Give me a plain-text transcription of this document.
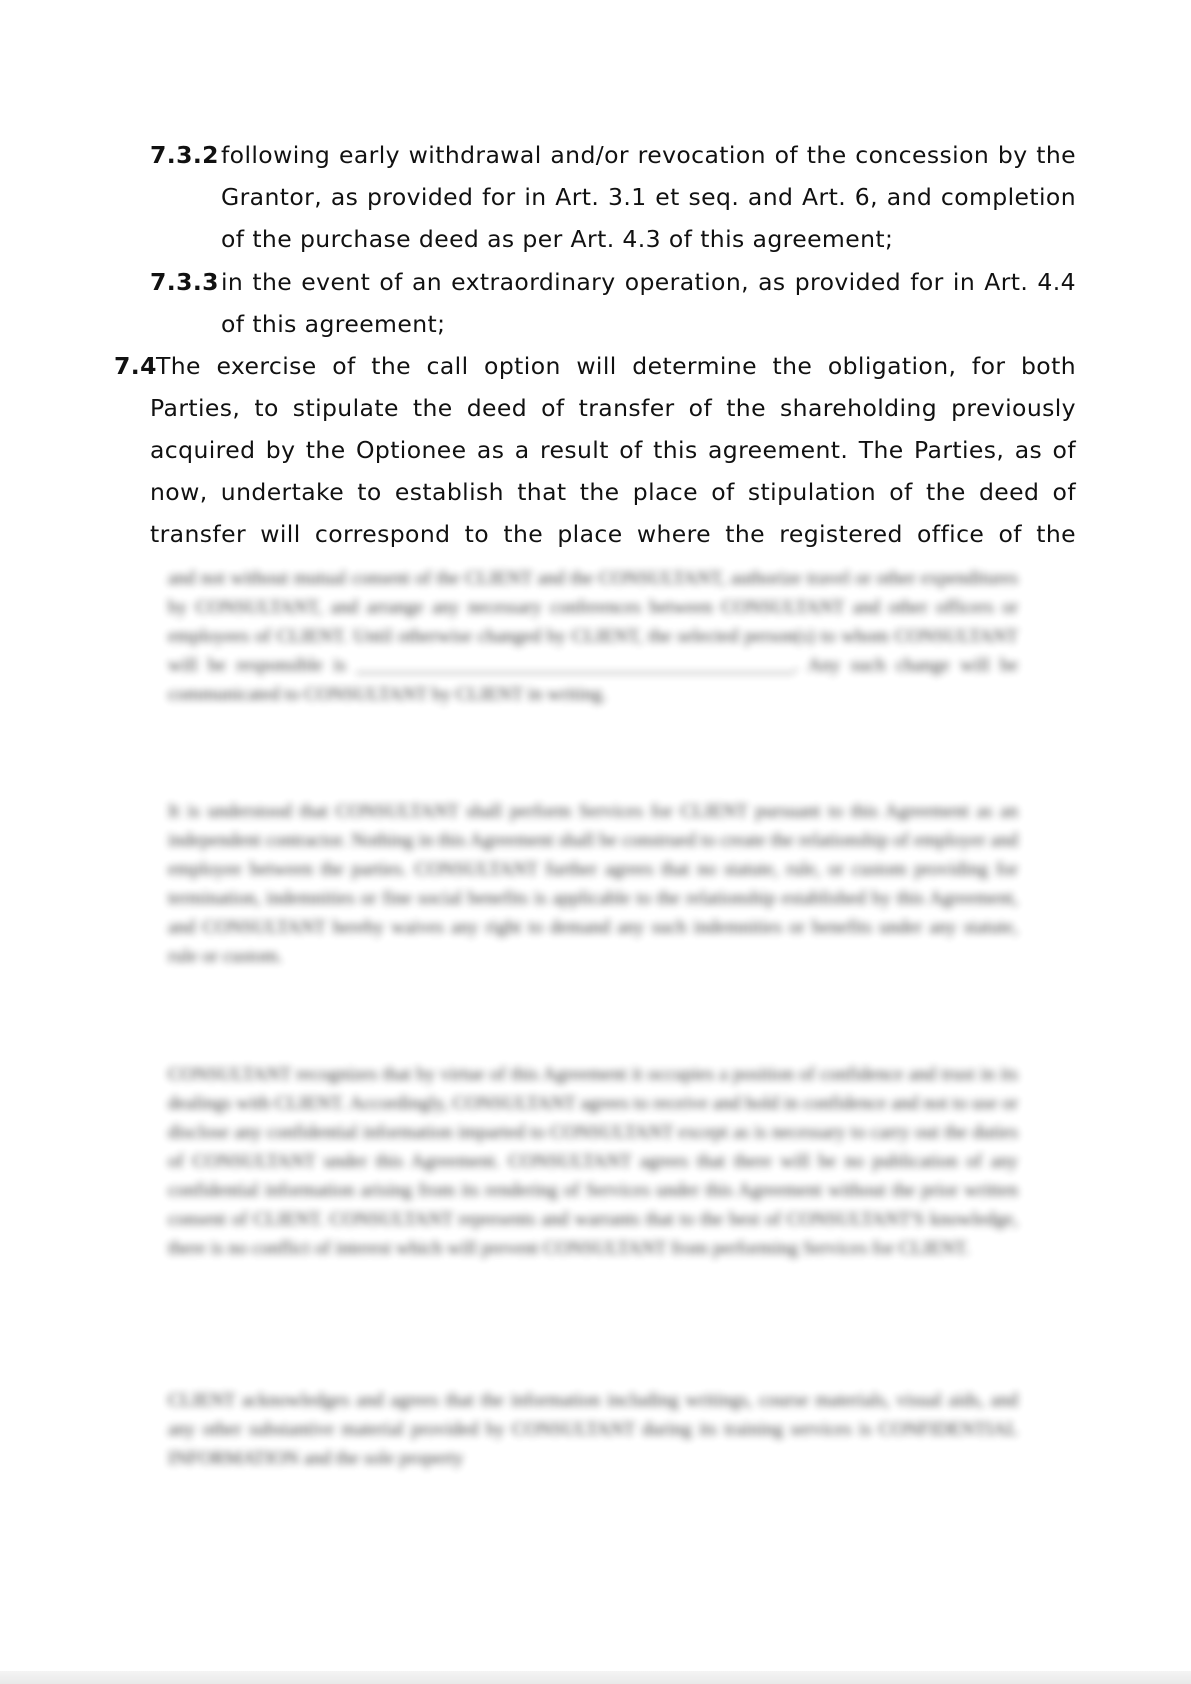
7.3.2 following early withdrawal and/or revocation of the concession by the Grantor, as provided for in Art. 3.1 et seq. and Art. 6, and completion of the purchase deed as per Art. 4.3 of this agreement;
7.3.3 in the event of an extraordinary operation, as provided for in Art. 4.4 of this agreement;
7.4 The exercise of the call option will determine the obligation, for both Parties, to stipulate the deed of transfer of the shareholding previously acquired by the Optionee as a result of this agreement. The Parties, as of now, undertake to establish that the place of stipulation of the deed of transfer will correspond to the place where the registered office of the
and not without mutual consent of the CLIENT and the CONSULTANT, authorize travel or other expenditures by CONSULTANT, and arrange any necessary conferences between CONSULTANT and other officers or employees of CLIENT. Until otherwise changed by CLIENT, the selected person(s) to whom CONSULTANT will be responsible is ______________________________________________. Any such change will be communicated to CONSULTANT by CLIENT in writing.
It is understood that CONSULTANT shall perform Services for CLIENT pursuant to this Agreement as an independent contractor. Nothing in this Agreement shall be construed to create the relationship of employer and employee between the parties. CONSULTANT further agrees that no statute, rule, or custom providing for termination, indemnities or fine social benefits is applicable to the relationship established by this Agreement, and CONSULTANT hereby waives any right to demand any such indemnities or benefits under any statute, rule or custom.
CONSULTANT recognizes that by virtue of this Agreement it occupies a position of confidence and trust in its dealings with CLIENT. Accordingly, CONSULTANT agrees to receive and hold in confidence and not to use or disclose any confidential information imparted to CONSULTANT except as is necessary to carry out the duties of CONSULTANT under this Agreement. CONSULTANT agrees that there will be no publication of any confidential information arising from its rendering of Services under this Agreement without the prior written consent of CLIENT. CONSULTANT represents and warrants that to the best of CONSULTANT'S knowledge, there is no conflict of interest which will prevent CONSULTANT from performing Services for CLIENT.
CLIENT acknowledges and agrees that the information including writings, course materials, visual aids, and any other substantive material provided by CONSULTANT during its training services is CONFIDENTIAL INFORMATION and the sole property
